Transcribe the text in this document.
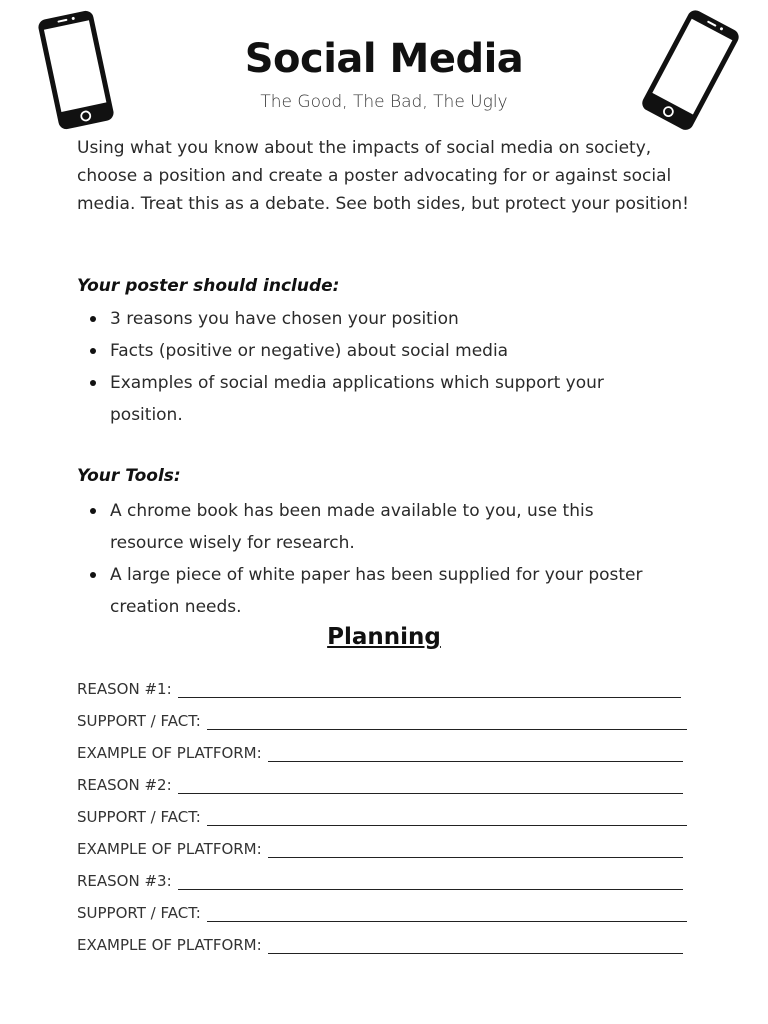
Social Media
The Good, The Bad, The Ugly
Using what you know about the impacts of social media on society, choose a position and create a poster advocating for or against social media. Treat this as a debate. See both sides, but protect your position!
Your poster should include:
3 reasons you have chosen your position
Facts (positive or negative) about social media
Examples of social media applications which support your position.
Your Tools:
A chrome book has been made available to you, use this resource wisely for research.
A large piece of white paper has been supplied for your poster creation needs.
Planning
REASON #1:
SUPPORT / FACT:
EXAMPLE OF PLATFORM:
REASON #2:
SUPPORT / FACT:
EXAMPLE OF PLATFORM:
REASON #3:
SUPPORT / FACT:
EXAMPLE OF PLATFORM:
